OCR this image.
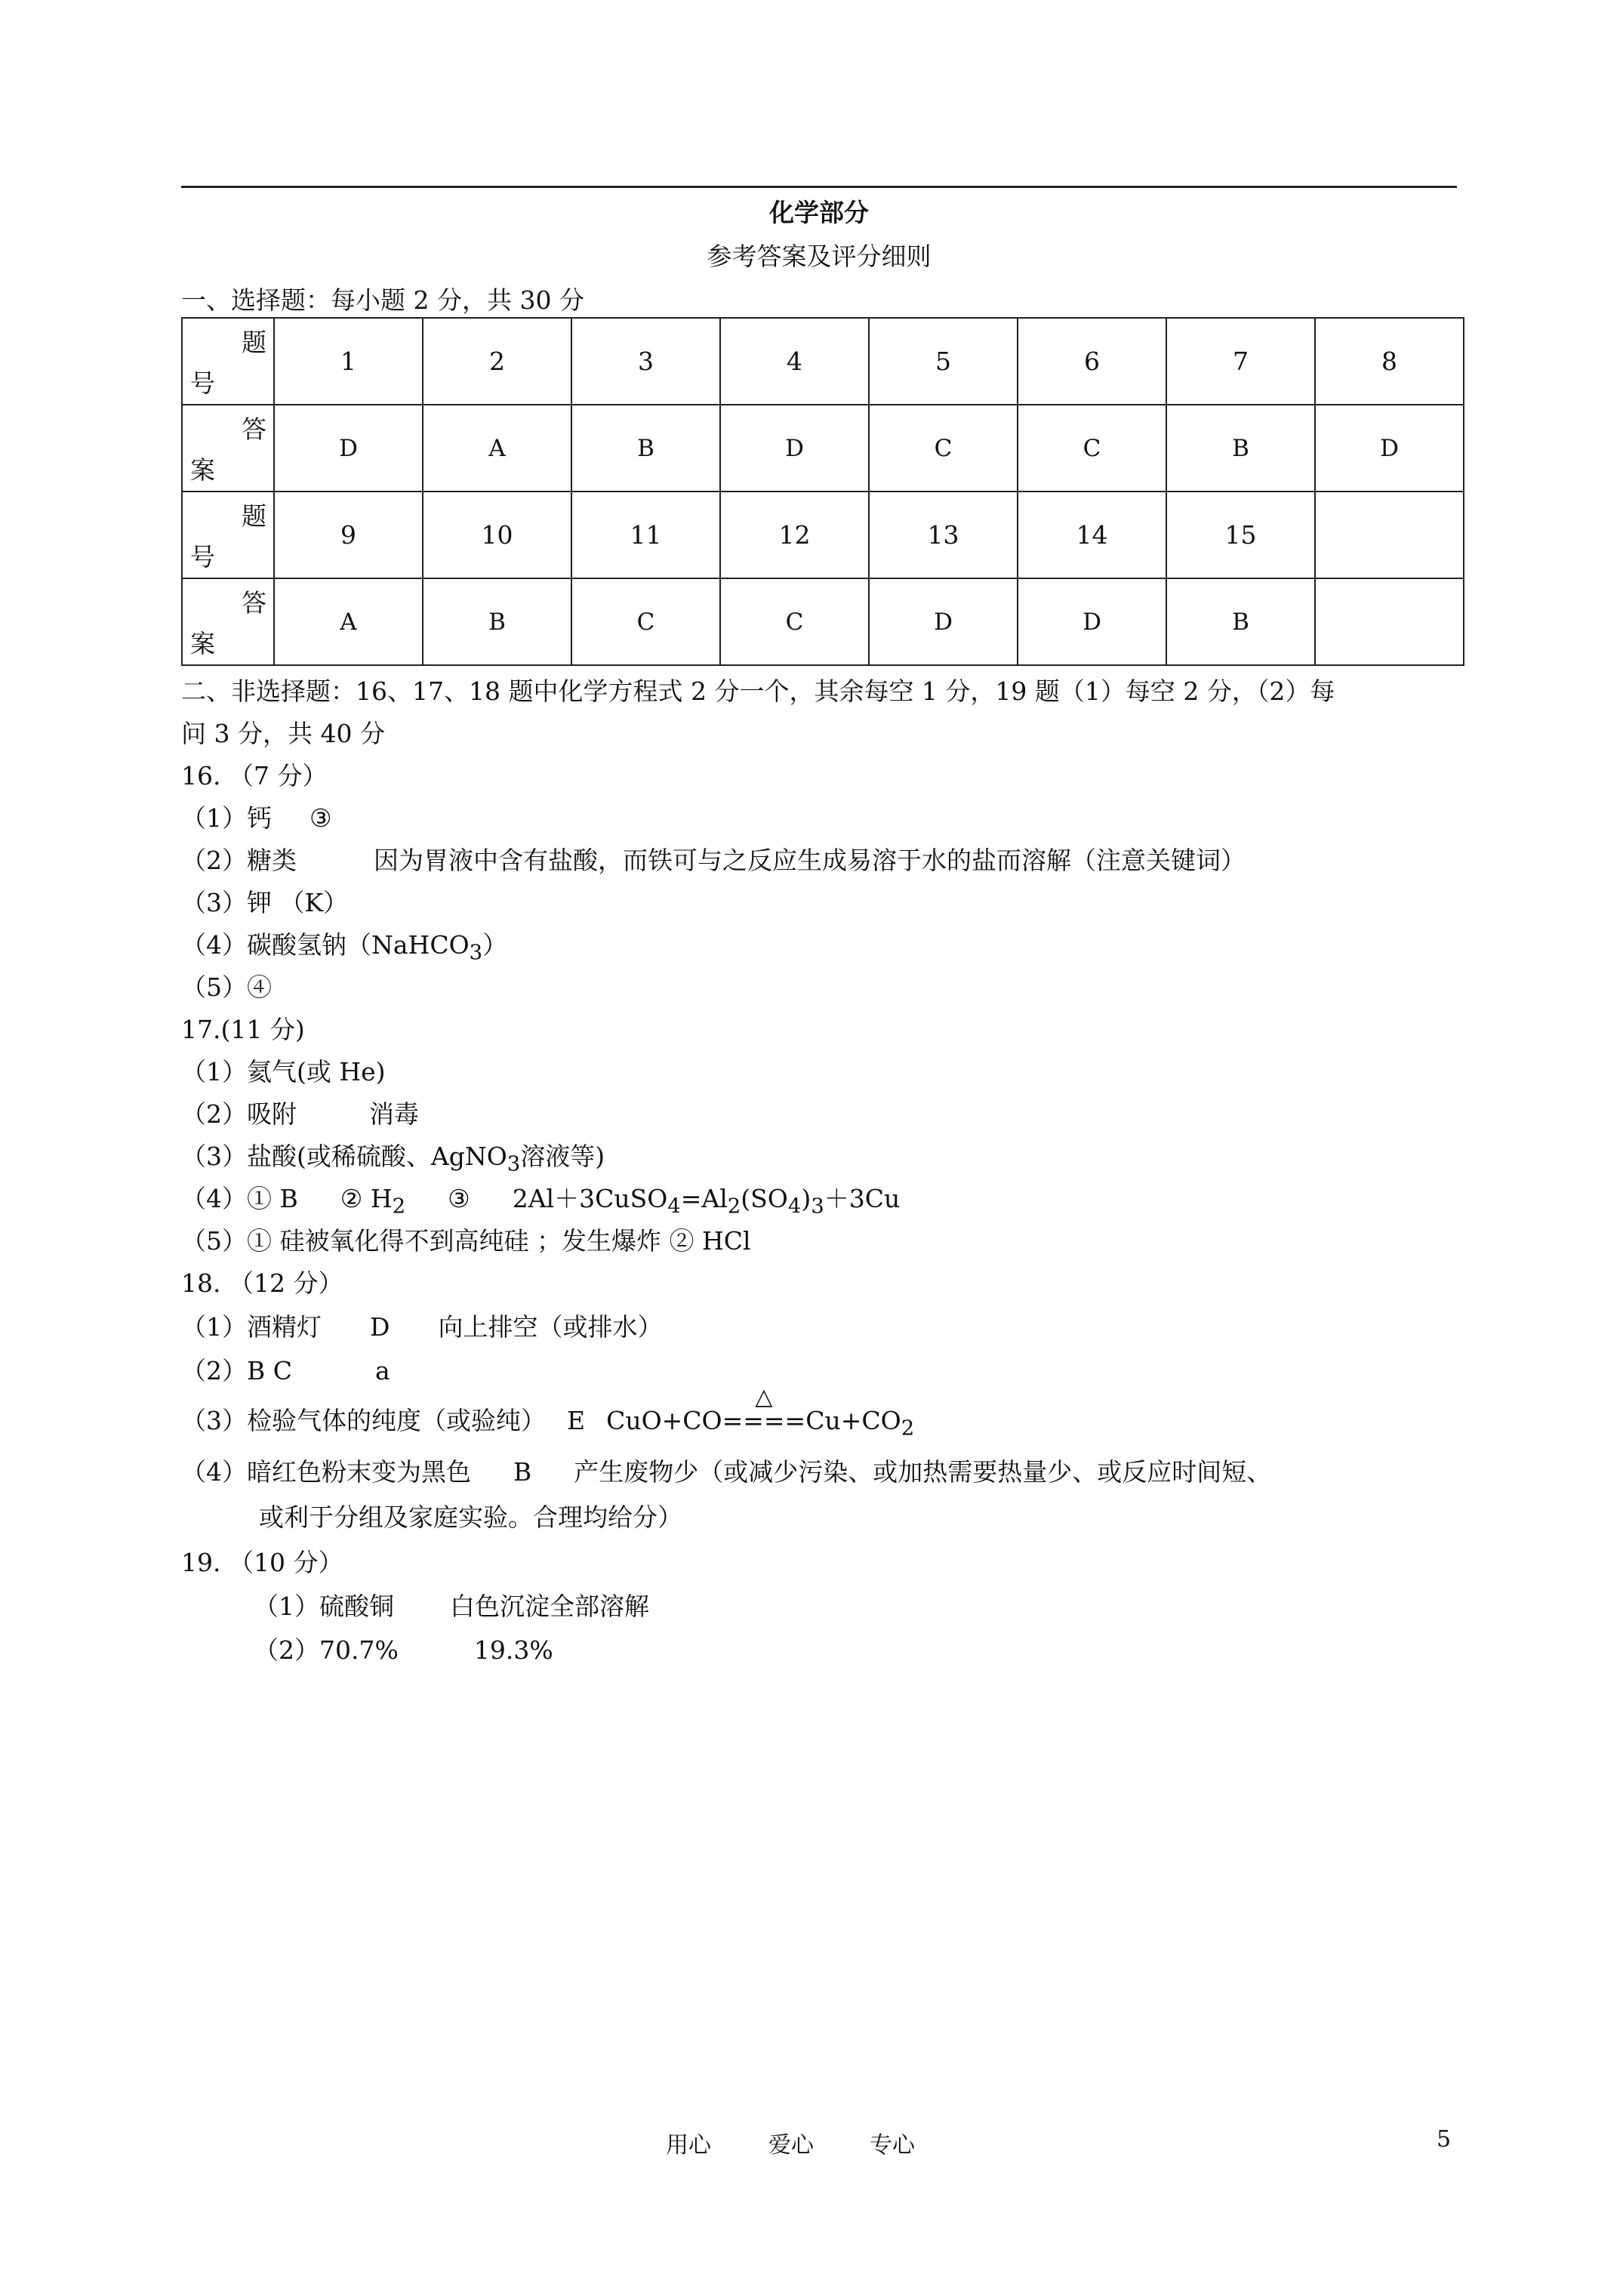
化学部分
参考答案及评分细则
一、选择题：每小题 2 分，共 30 分
题
号	1	2	3	4	5	6	7	8

答
案	D	A	B	D	C	C	B	D

题
号	9	10	11	12	13	14	15	

答
案	A	B	C	C	D	D	B	
二、非选择题：16、17、18 题中化学方程式 2 分一个，其余每空 1 分，19 题（1）每空 2 分，（2）每
问 3 分，共 40 分
16. （7 分）
（1）钙 ③
（2）糖类	因为胃液中含有盐酸，而铁可与之反应生成易溶于水的盐而溶解（注意关键词）
（3）钾 （K）
（4）碳酸氢钠（NaHCO$_3$）
（5）④
17.(11 分)
（1）氦气(或 He)
（2）吸附	消毒
（3）盐酸(或稀硫酸、AgNO$_3$溶液等)
（4）① B ② $H_2$ ③ $2Al+3CuSO_4=Al_2(SO_4)_3+3Cu$
（5）① 硅被氧化得不到高纯硅 ；发生爆炸 ② HCl
18. （12 分）
（1）酒精灯 D 向上排空（或排水）
（2）B C	a
（3）检验气体的纯度（或验纯） E CuO+CO
△
$====Cu+CO_2$
（4）暗红色粉末变为黑色 B 产生废物少（或减少污染、或加热需要热量少、或反应时间短、
或利于分组及家庭实验。合理均给分）
19. （10 分）
（1）硫酸铜 白色沉淀全部溶解
（2）70.7%	19.3%
用心	爱心 专心	5
